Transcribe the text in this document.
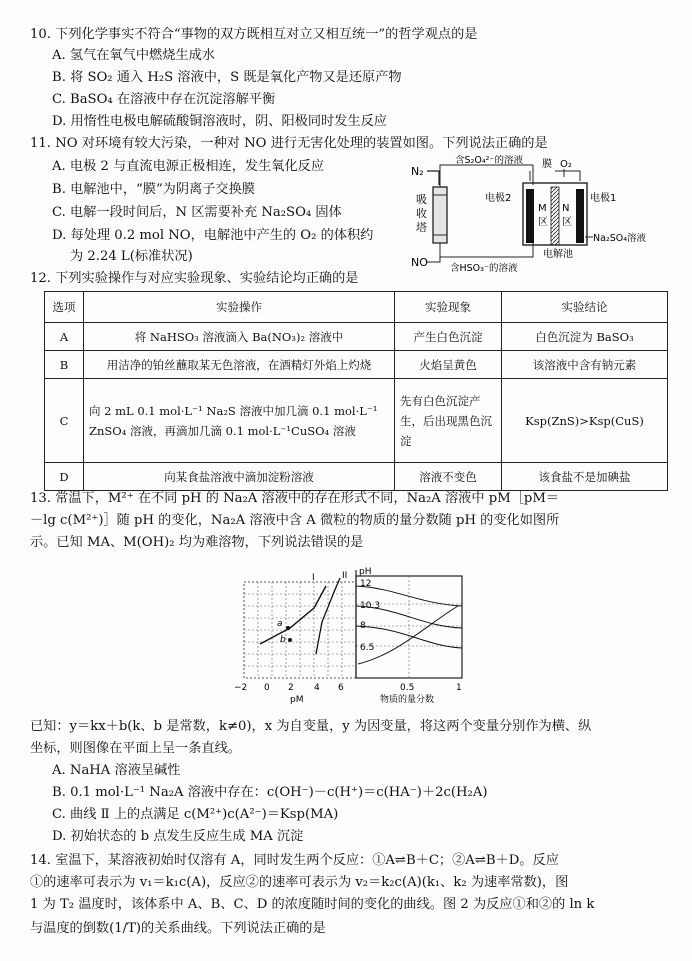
10. 下列化学事实不符合“事物的双方既相互对立又相互统一”的哲学观点的是
A. 氢气在氧气中燃烧生成水
B. 将 SO₂ 通入 H₂S 溶液中，S 既是氧化产物又是还原产物
C. BaSO₄ 在溶液中存在沉淀溶解平衡
D. 用惰性电极电解硫酸铜溶液时，阴、阳极同时发生反应
11. NO 对环境有较大污染，一种对 NO 进行无害化处理的装置如图。下列说法正确的是
A. 电极 2 与直流电源正极相连，发生氧化反应
B. 电解池中，“膜”为阴离子交换膜
C. 电解一段时间后，N 区需要补充 Na₂SO₄ 固体
D. 每处理 0.2 mol NO，电解池中产生的 O₂ 的体积约
为 2.24 L(标准状况)
N₂
吸
收
塔
NO
含S₂O₄²⁻的溶液
含HSO₃⁻的溶液
膜 O₂
电极2	电极1
M
区
N
区
Na₂SO₄溶液
电解池
12. 下列实验操作与对应实验现象、实验结论均正确的是
选项	实验操作	实验现象	实验结论
A	将 NaHSO₃ 溶液滴入 Ba(NO₃)₂ 溶液中	产生白色沉淀	白色沉淀为 BaSO₃
B	用洁净的铂丝蘸取某无色溶液，在酒精灯外焰上灼烧	火焰呈黄色	该溶液中含有钠元素
C	向 2 mL 0.1 mol·L⁻¹ Na₂S 溶液中加几滴 0.1 mol·L⁻¹ ZnSO₄ 溶液，再滴加几滴 0.1 mol·L⁻¹CuSO₄ 溶液	先有白色沉淀产生，后出现黑色沉淀	Ksp(ZnS)>Ksp(CuS)
D	向某食盐溶液中滴加淀粉溶液	溶液不变色	该食盐不是加碘盐
13. 常温下，M²⁺ 在不同 pH 的 Na₂A 溶液中的存在形式不同，Na₂A 溶液中 pM［pM＝
－lg c(M²⁺)］随 pH 的变化，Na₂A 溶液中含 A 微粒的物质的量分数随 pH 的变化如图所
示。已知 MA、M(OH)₂ 均为难溶物，下列说法错误的是
pH
a
b
I	II
12
10.3
8
6.5
−2 0 2 4 6
pM
0.5	1
物质的量分数
已知：y＝kx＋b(k、b 是常数，k≠0)，x 为自变量，y 为因变量，将这两个变量分别作为横、纵
坐标，则图像在平面上呈一条直线。
A. NaHA 溶液呈碱性
B. 0.1 mol·L⁻¹ Na₂A 溶液中存在：c(OH⁻)－c(H⁺)＝c(HA⁻)＋2c(H₂A)
C. 曲线 Ⅱ 上的点满足 c(M²⁺)c(A²⁻)＝Ksp(MA)
D. 初始状态的 b 点发生反应生成 MA 沉淀
14. 室温下，某溶液初始时仅溶有 A，同时发生两个反应：①A⇌B＋C；②A⇌B＋D。反应
①的速率可表示为 v₁＝k₁c(A)，反应②的速率可表示为 v₂＝k₂c(A)(k₁、k₂ 为速率常数)，图
1 为 T₂ 温度时，该体系中 A、B、C、D 的浓度随时间的变化的曲线。图 2 为反应①和②的 ln k
与温度的倒数(1/T)的关系曲线。下列说法正确的是
